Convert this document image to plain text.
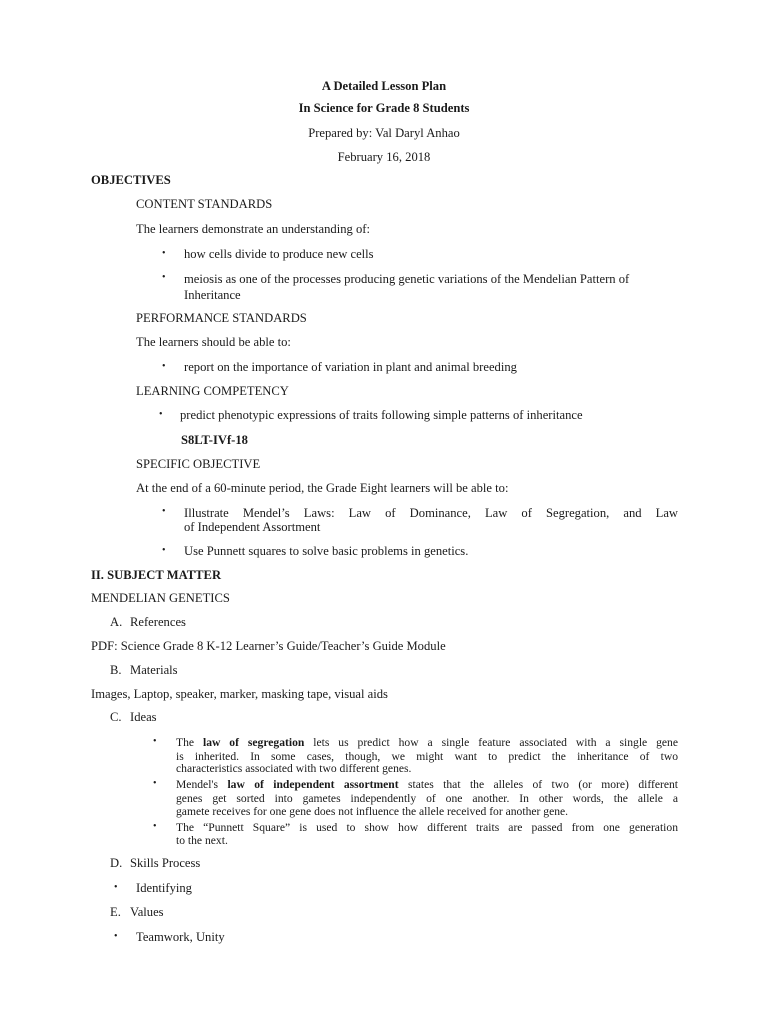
A Detailed Lesson Plan
In Science for Grade 8 Students
Prepared by: Val Daryl Anhao
February 16, 2018
OBJECTIVES
CONTENT STANDARDS
The learners demonstrate an understanding of:
• how cells divide to produce new cells
• meiosis as one of the processes producing genetic variations of the Mendelian Pattern of
Inheritance
PERFORMANCE STANDARDS
The learners should be able to:
• report on the importance of variation in plant and animal breeding
LEARNING COMPETENCY
• predict phenotypic expressions of traits following simple patterns of inheritance
S8LT-IVf-18
SPECIFIC OBJECTIVE
At the end of a 60-minute period, the Grade Eight learners will be able to:
• Illustrate Mendel’s Laws: Law of Dominance, Law of Segregation, and Law
of Independent Assortment
• Use Punnett squares to solve basic problems in genetics.
II. SUBJECT MATTER
MENDELIAN GENETICS
A. References
PDF: Science Grade 8 K-12 Learner’s Guide/Teacher’s Guide Module
B. Materials
Images, Laptop, speaker, marker, masking tape, visual aids
C. Ideas
• The law of segregation lets us predict how a single feature associated with a single gene
is inherited. In some cases, though, we might want to predict the inheritance of two
characteristics associated with two different genes.
• Mendel's law of independent assortment states that the alleles of two (or more) different
genes get sorted into gametes independently of one another. In other words, the allele a
gamete receives for one gene does not influence the allele received for another gene.
• The “Punnett Square” is used to show how different traits are passed from one generation
to the next.
D. Skills Process
• Identifying
E. Values
• Teamwork, Unity
